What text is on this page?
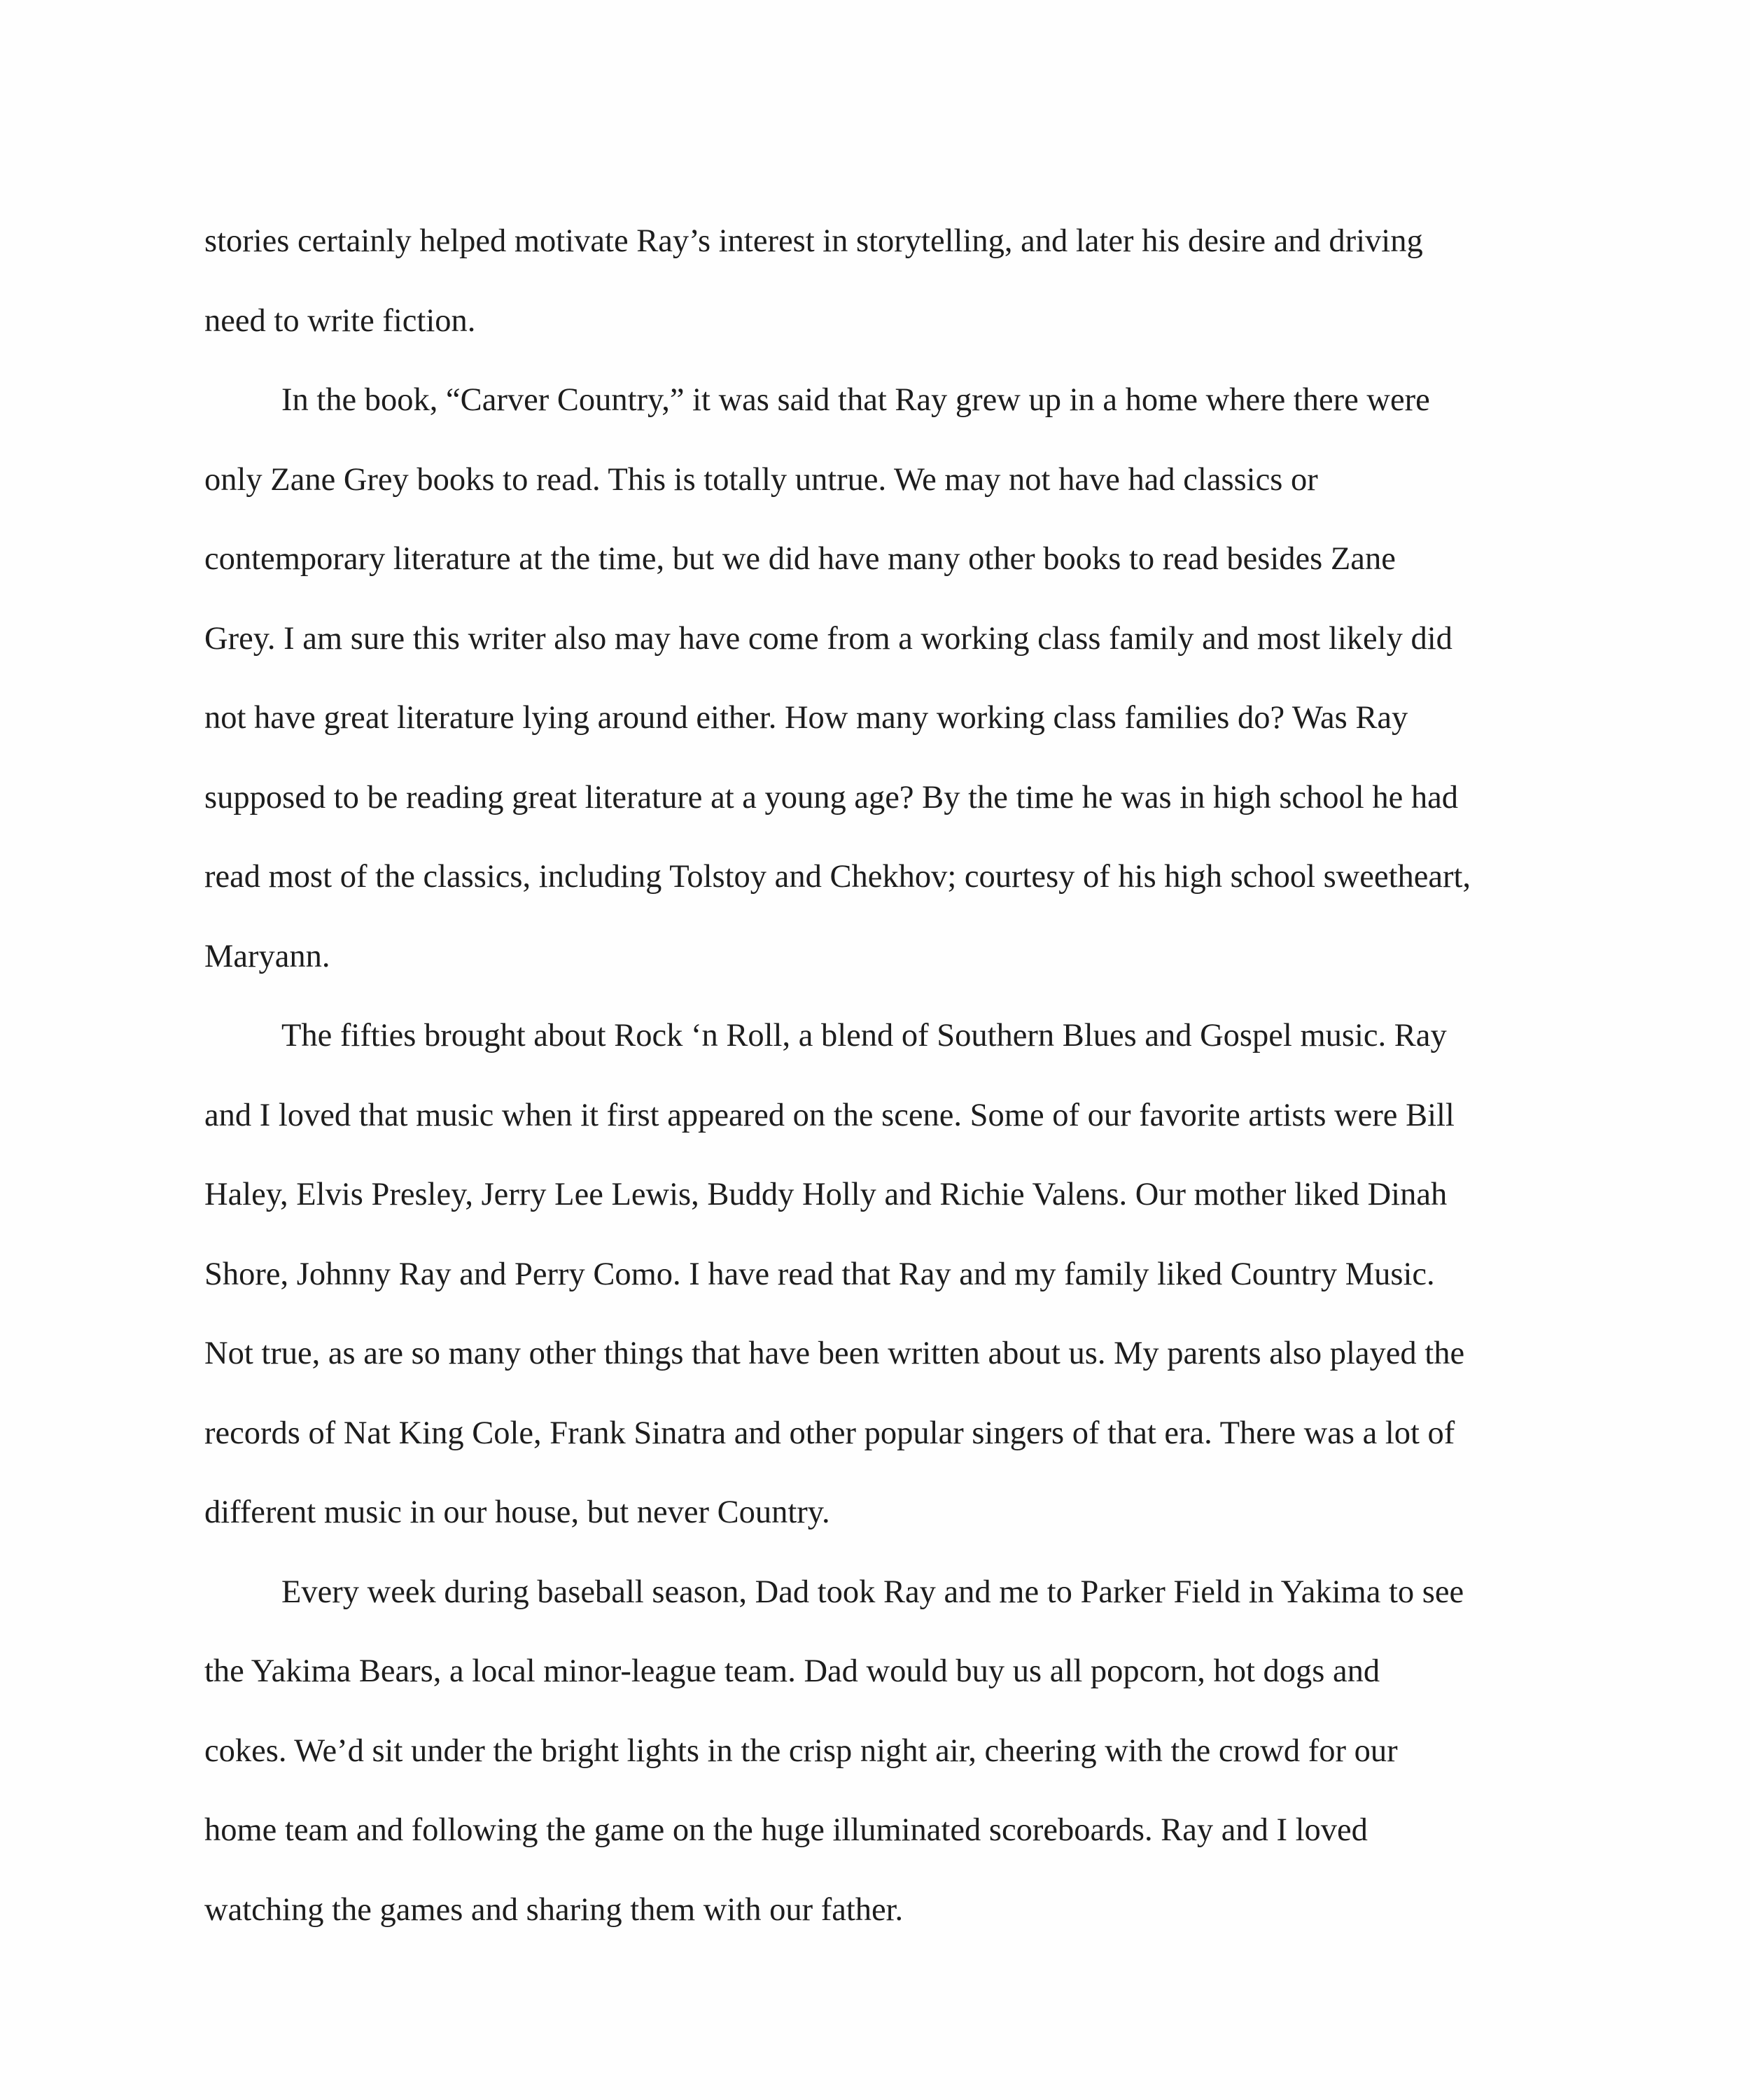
stories certainly helped motivate Ray’s interest in storytelling, and later his desire and driving
need to write fiction.

In the book, “Carver Country,” it was said that Ray grew up in a home where there were
only Zane Grey books to read. This is totally untrue. We may not have had classics or
contemporary literature at the time, but we did have many other books to read besides Zane
Grey. I am sure this writer also may have come from a working class family and most likely did
not have great literature lying around either. How many working class families do? Was Ray
supposed to be reading great literature at a young age? By the time he was in high school he had
read most of the classics, including Tolstoy and Chekhov; courtesy of his high school sweetheart,
Maryann.

The fifties brought about Rock ‘n Roll, a blend of Southern Blues and Gospel music. Ray
and I loved that music when it first appeared on the scene. Some of our favorite artists were Bill
Haley, Elvis Presley, Jerry Lee Lewis, Buddy Holly and Richie Valens. Our mother liked Dinah
Shore, Johnny Ray and Perry Como. I have read that Ray and my family liked Country Music.
Not true, as are so many other things that have been written about us. My parents also played the
records of Nat King Cole, Frank Sinatra and other popular singers of that era. There was a lot of
different music in our house, but never Country.

Every week during baseball season, Dad took Ray and me to Parker Field in Yakima to see
the Yakima Bears, a local minor-league team. Dad would buy us all popcorn, hot dogs and
cokes. We’d sit under the bright lights in the crisp night air, cheering with the crowd for our
home team and following the game on the huge illuminated scoreboards. Ray and I loved
watching the games and sharing them with our father.
